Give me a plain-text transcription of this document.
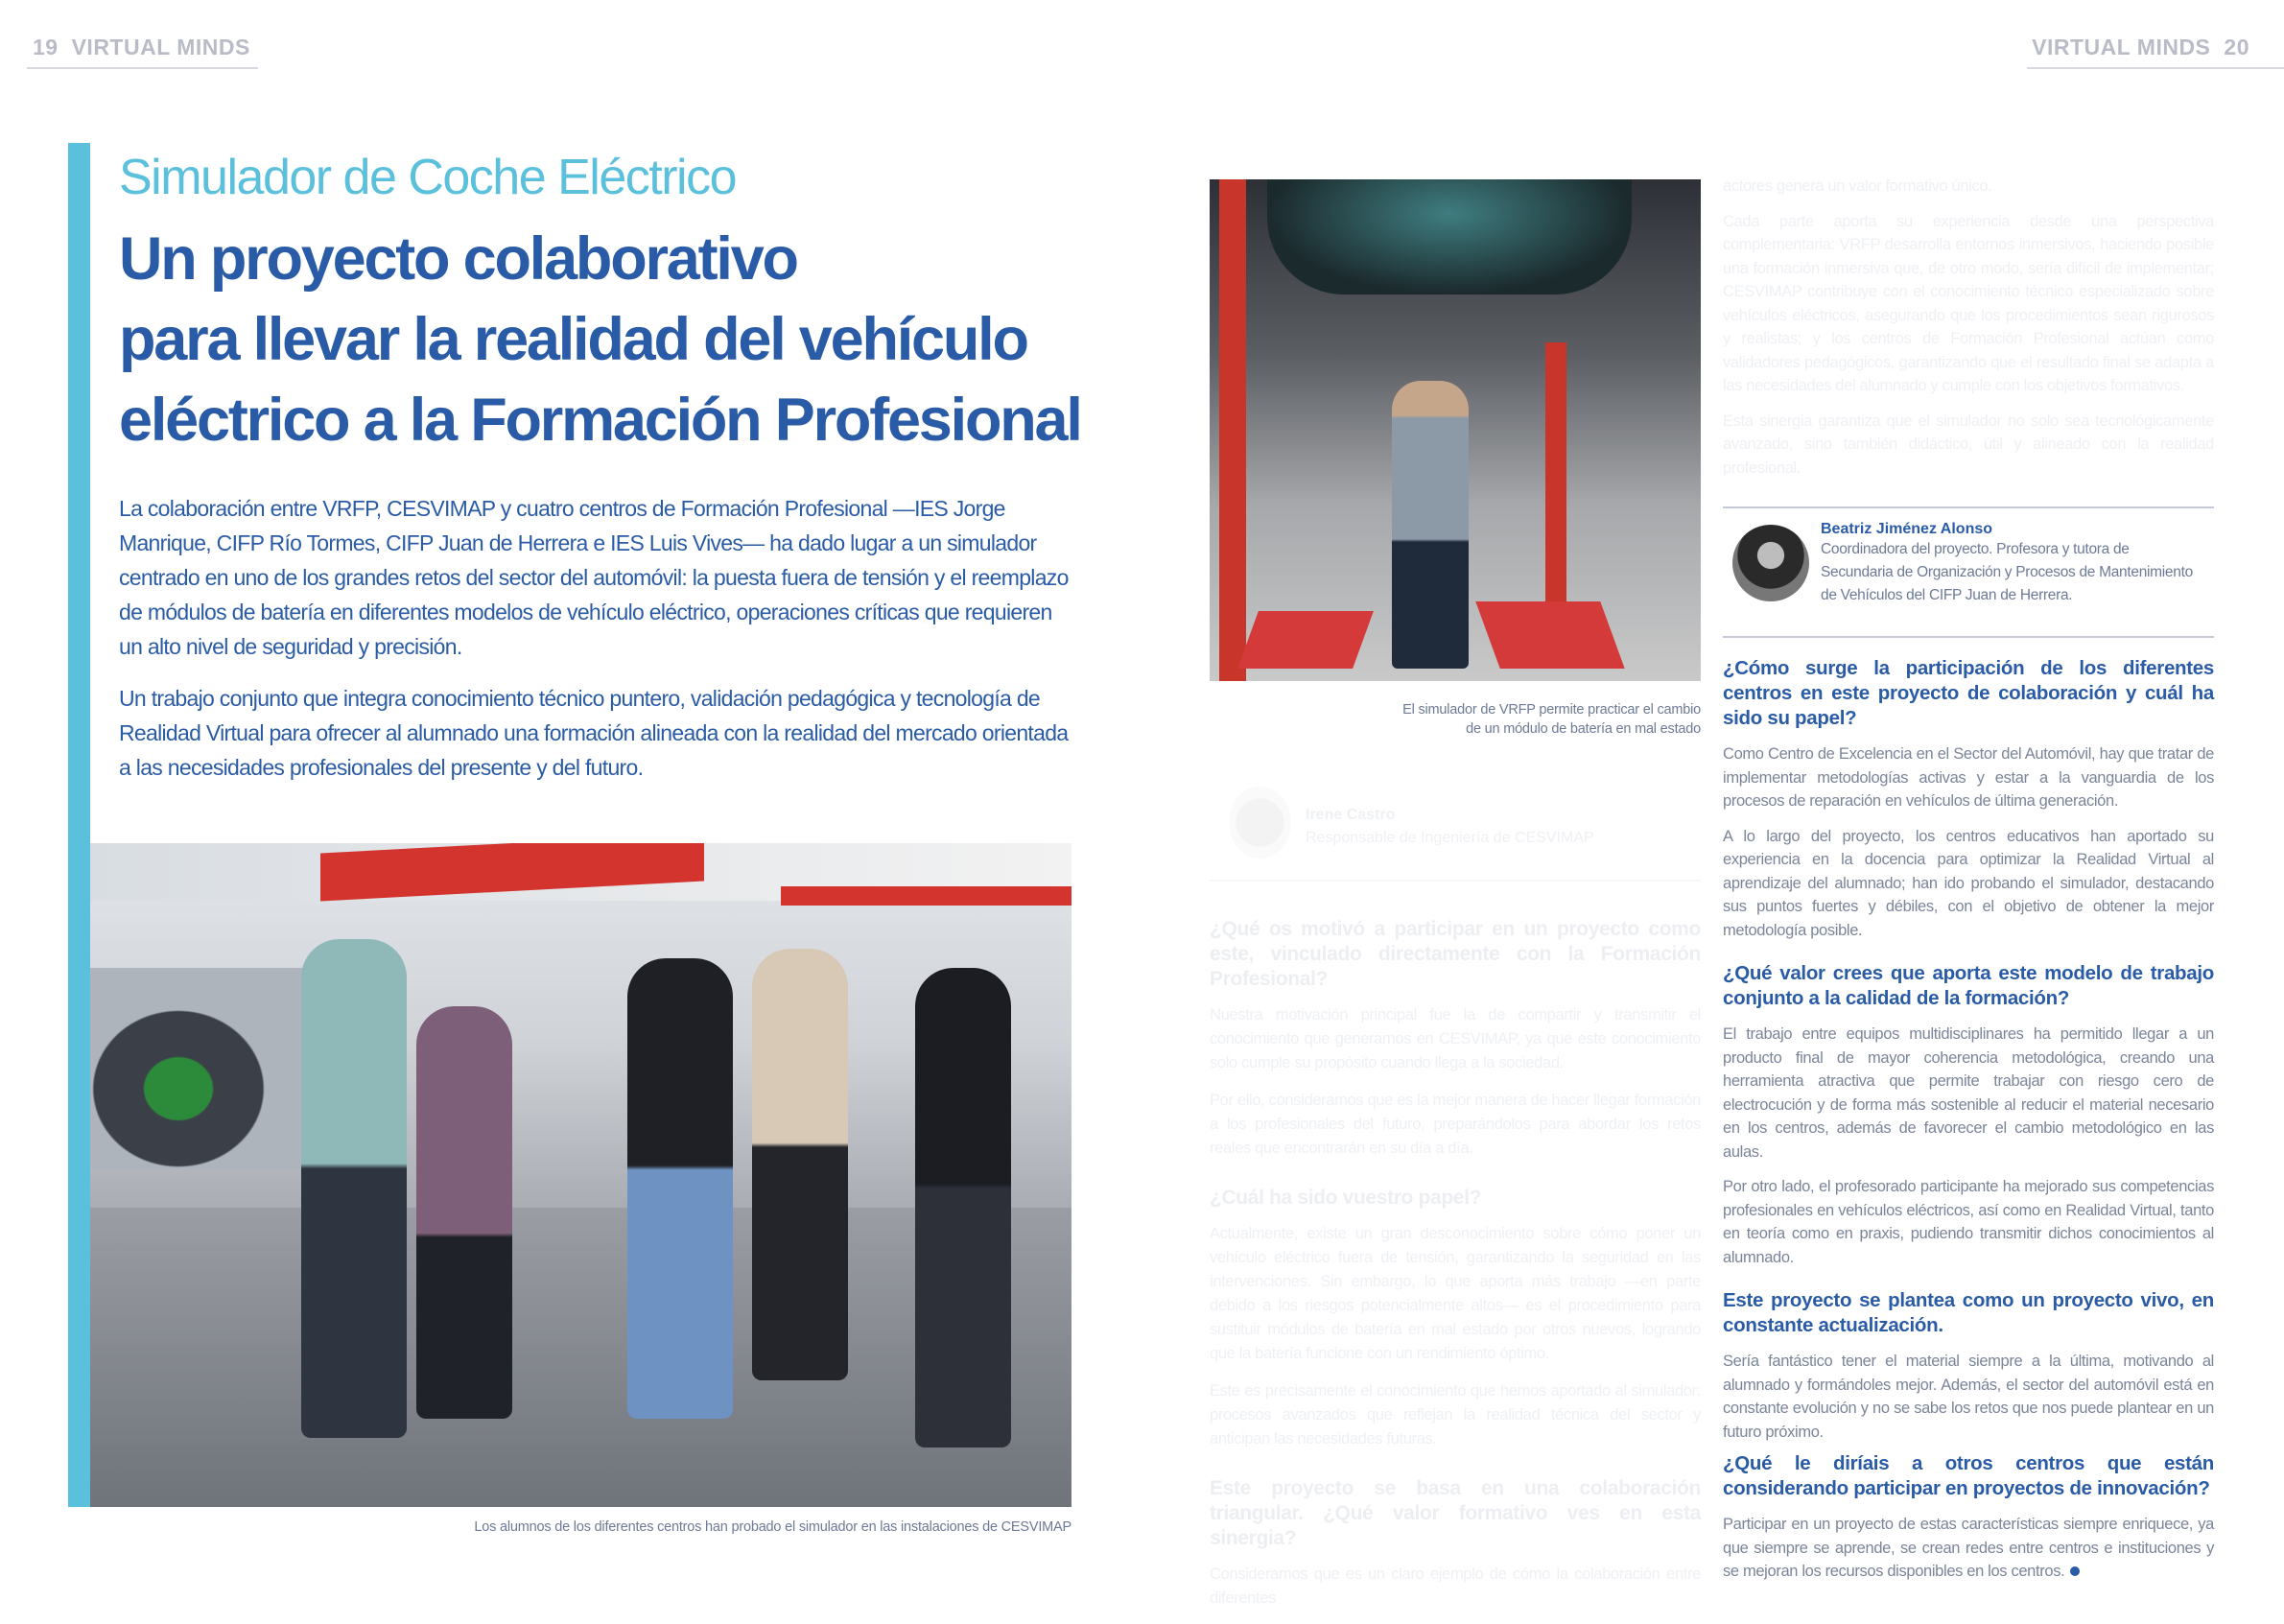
19 VIRTUAL MINDS	VIRTUAL MINDS 20
Simulador de Coche Eléctrico
Un proyecto colaborativo
para llevar la realidad del vehículo
eléctrico a la Formación Profesional

La colaboración entre VRFP, CESVIMAP y cuatro centros de Formación Profesional —IES Jorge Manrique, CIFP Río Tormes, CIFP Juan de Herrera e IES Luis Vives— ha dado lugar a un simulador centrado en uno de los grandes retos del sector del automóvil: la puesta fuera de tensión y el reemplazo de módulos de batería en diferentes modelos de vehículo eléctrico, operaciones críticas que requieren un alto nivel de seguridad y precisión.

Un trabajo conjunto que integra conocimiento técnico puntero, validación pedagógica y tecnología de Realidad Virtual para ofrecer al alumnado una formación alineada con la realidad del mercado orientada a las necesidades profesionales del presente y del futuro.

Los alumnos de los diferentes centros han probado el simulador en las instalaciones de CESVIMAP
El simulador de VRFP permite practicar el cambio
de un módulo de batería en mal estado

actores genera un valor formativo único.

Cada parte aporta su experiencia desde una perspectiva complementaria: VRFP desarrolla entornos inmersivos, haciendo posible una formación inmersiva que, de otro modo, sería difícil de implementar; CESVIMAP contribuye con el conocimiento técnico especializado sobre vehículos eléctricos, asegurando que los procedimientos sean rigurosos y realistas; y los centros de Formación Profesional actúan como validadores pedagógicos, garantizando que el resultado final se adapta a las necesidades del alumnado y cumple con los objetivos formativos.

Esta sinergia garantiza que el simulador no solo sea tecnológicamente avanzado, sino también didáctico, útil y alineado con la realidad profesional.

Beatriz Jiménez Alonso
Coordinadora del proyecto. Profesora y tutora de Secundaria de Organización y Procesos de Mantenimiento de Vehículos del CIFP Juan de Herrera.
¿Cómo surge la participación de los diferentes centros en este proyecto de colaboración y cuál ha sido su papel?

Como Centro de Excelencia en el Sector del Automóvil, hay que tratar de implementar metodologías activas y estar a la vanguardia de los procesos de reparación en vehículos de última generación.

A lo largo del proyecto, los centros educativos han aportado su experiencia en la docencia para optimizar la Realidad Virtual al aprendizaje del alumnado; han ido probando el simulador, destacando sus puntos fuertes y débiles, con el objetivo de obtener la mejor metodología posible.

¿Qué valor crees que aporta este modelo de trabajo conjunto a la calidad de la formación?

El trabajo entre equipos multidisciplinares ha permitido llegar a un producto final de mayor coherencia metodológica, creando una herramienta atractiva que permite trabajar con riesgo cero de electrocución y de forma más sostenible al reducir el material necesario en los centros, además de favorecer el cambio metodológico en las aulas.

Por otro lado, el profesorado participante ha mejorado sus competencias profesionales en vehículos eléctricos, así como en Realidad Virtual, tanto en teoría como en praxis, pudiendo transmitir dichos conocimientos al alumnado.

Este proyecto se plantea como un proyecto vivo, en constante actualización.

Sería fantástico tener el material siempre a la última, motivando al alumnado y formándoles mejor. Además, el sector del automóvil está en constante evolución y no se sabe los retos que nos puede plantear en un futuro próximo.

¿Qué le diríais a otros centros que están considerando participar en proyectos de innovación?

Participar en un proyecto de estas características siempre enriquece, ya que siempre se aprende, se crean redes entre centros e instituciones y se mejoran los recursos disponibles en los centros.

Irene Castro
Responsable de Ingeniería de CESVIMAP
¿Qué os motivó a participar en un proyecto como este, vinculado directamente con la Formación Profesional?

Nuestra motivación principal fue la de compartir y transmitir el conocimiento que generamos en CESVIMAP, ya que este conocimiento solo cumple su propósito cuando llega a la sociedad.

Por ello, consideramos que es la mejor manera de hacer llegar formación a los profesionales del futuro, preparándolos para abordar los retos reales que encontrarán en su día a día.

¿Cuál ha sido vuestro papel?

Actualmente, existe un gran desconocimiento sobre cómo poner un vehículo eléctrico fuera de tensión, garantizando la seguridad en las intervenciones. Sin embargo, lo que aporta más trabajo —en parte debido a los riesgos potencialmente altos— es el procedimiento para sustituir módulos de batería en mal estado por otros nuevos, logrando que la batería funcione con un rendimiento óptimo.

Este es precisamente el conocimiento que hemos aportado al simulador: procesos avanzados que reflejan la realidad técnica del sector y anticipan las necesidades futuras.

Este proyecto se basa en una colaboración triangular. ¿Qué valor formativo ves en esta sinergia?

Consideramos que es un claro ejemplo de cómo la colaboración entre diferentes
